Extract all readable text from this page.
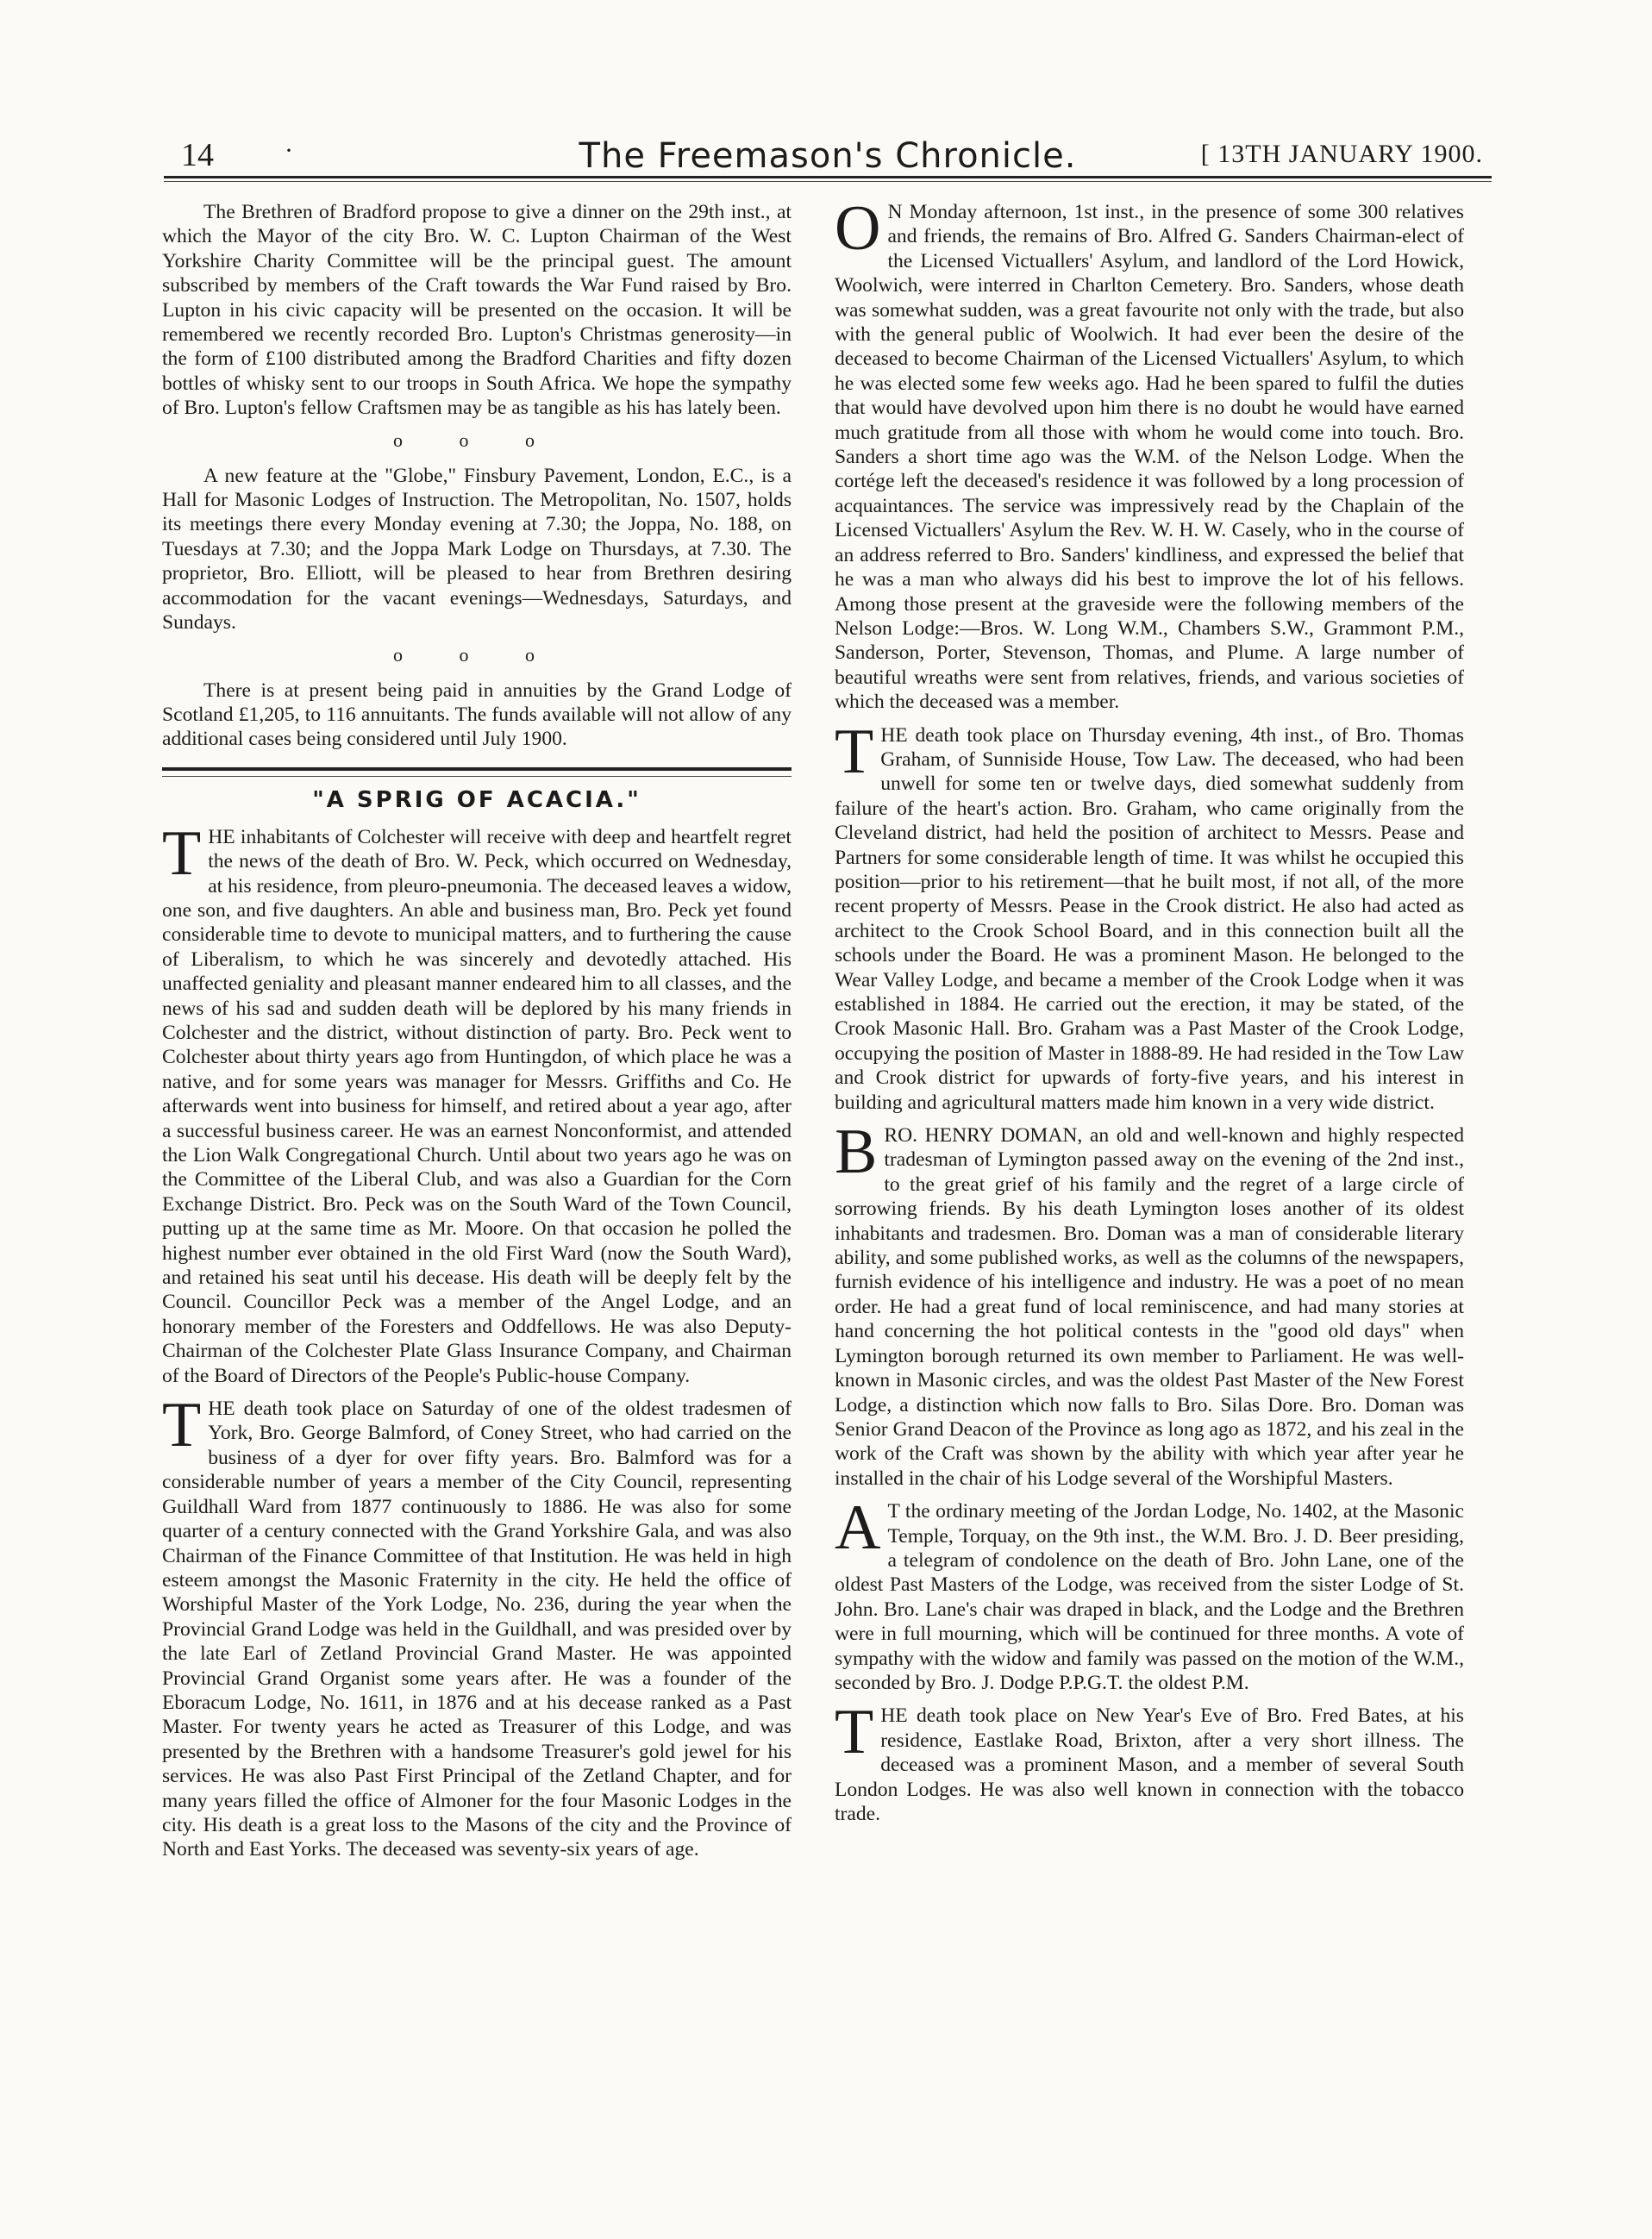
14	·	The Freemason's Chronicle.	[ 13TH JANUARY 1900.

The Brethren of Bradford propose to give a dinner on the 29th inst., at which the Mayor of the city Bro. W. C. Lupton Chairman of the West Yorkshire Charity Committee will be the principal guest. The amount subscribed by members of the Craft towards the War Fund raised by Bro. Lupton in his civic capacity will be presented on the occasion. It will be remembered we recently recorded Bro. Lupton's Christmas generosity—in the form of £100 distributed among the Bradford Charities and fifty dozen bottles of whisky sent to our troops in South Africa. We hope the sympathy of Bro. Lupton's fellow Craftsmen may be as tangible as his has lately been.

o o o

A new feature at the "Globe," Finsbury Pavement, London, E.C., is a Hall for Masonic Lodges of Instruction. The Metropolitan, No. 1507, holds its meetings there every Monday evening at 7.30; the Joppa, No. 188, on Tuesdays at 7.30; and the Joppa Mark Lodge on Thursdays, at 7.30. The proprietor, Bro. Elliott, will be pleased to hear from Brethren desiring accommodation for the vacant evenings—Wednesdays, Saturdays, and Sundays.

o o o

There is at present being paid in annuities by the Grand Lodge of Scotland £1,205, to 116 annuitants. The funds available will not allow of any additional cases being considered until July 1900.

"A SPRIG OF ACACIA."

THE inhabitants of Colchester will receive with deep and heartfelt regret the news of the death of Bro. W. Peck, which occurred on Wednesday, at his residence, from pleuro-pneumonia. The deceased leaves a widow, one son, and five daughters. An able and business man, Bro. Peck yet found considerable time to devote to municipal matters, and to furthering the cause of Liberalism, to which he was sincerely and devotedly attached. His unaffected geniality and pleasant manner endeared him to all classes, and the news of his sad and sudden death will be deplored by his many friends in Colchester and the district, without distinction of party. Bro. Peck went to Colchester about thirty years ago from Huntingdon, of which place he was a native, and for some years was manager for Messrs. Griffiths and Co. He afterwards went into business for himself, and retired about a year ago, after a successful business career. He was an earnest Nonconformist, and attended the Lion Walk Congregational Church. Until about two years ago he was on the Committee of the Liberal Club, and was also a Guardian for the Corn Exchange District. Bro. Peck was on the South Ward of the Town Council, putting up at the same time as Mr. Moore. On that occasion he polled the highest number ever obtained in the old First Ward (now the South Ward), and retained his seat until his decease. His death will be deeply felt by the Council. Councillor Peck was a member of the Angel Lodge, and an honorary member of the Foresters and Oddfellows. He was also Deputy-Chairman of the Colchester Plate Glass Insurance Company, and Chairman of the Board of Directors of the People's Public-house Company.

THE death took place on Saturday of one of the oldest tradesmen of York, Bro. George Balmford, of Coney Street, who had carried on the business of a dyer for over fifty years. Bro. Balmford was for a considerable number of years a member of the City Council, representing Guildhall Ward from 1877 continuously to 1886. He was also for some quarter of a century connected with the Grand Yorkshire Gala, and was also Chairman of the Finance Committee of that Institution. He was held in high esteem amongst the Masonic Fraternity in the city. He held the office of Worshipful Master of the York Lodge, No. 236, during the year when the Provincial Grand Lodge was held in the Guildhall, and was presided over by the late Earl of Zetland Provincial Grand Master. He was appointed Provincial Grand Organist some years after. He was a founder of the Eboracum Lodge, No. 1611, in 1876 and at his decease ranked as a Past Master. For twenty years he acted as Treasurer of this Lodge, and was presented by the Brethren with a handsome Treasurer's gold jewel for his services. He was also Past First Principal of the Zetland Chapter, and for many years filled the office of Almoner for the four Masonic Lodges in the city. His death is a great loss to the Masons of the city and the Province of North and East Yorks. The deceased was seventy-six years of age.

ON Monday afternoon, 1st inst., in the presence of some 300 relatives and friends, the remains of Bro. Alfred G. Sanders Chairman-elect of the Licensed Victuallers' Asylum, and landlord of the Lord Howick, Woolwich, were interred in Charlton Cemetery. Bro. Sanders, whose death was somewhat sudden, was a great favourite not only with the trade, but also with the general public of Woolwich. It had ever been the desire of the deceased to become Chairman of the Licensed Victuallers' Asylum, to which he was elected some few weeks ago. Had he been spared to fulfil the duties that would have devolved upon him there is no doubt he would have earned much gratitude from all those with whom he would come into touch. Bro. Sanders a short time ago was the W.M. of the Nelson Lodge. When the cortége left the deceased's residence it was followed by a long procession of acquaintances. The service was impressively read by the Chaplain of the Licensed Victuallers' Asylum the Rev. W. H. W. Casely, who in the course of an address referred to Bro. Sanders' kindliness, and expressed the belief that he was a man who always did his best to improve the lot of his fellows. Among those present at the graveside were the following members of the Nelson Lodge:—Bros. W. Long W.M., Chambers S.W., Grammont P.M., Sanderson, Porter, Stevenson, Thomas, and Plume. A large number of beautiful wreaths were sent from relatives, friends, and various societies of which the deceased was a member.

THE death took place on Thursday evening, 4th inst., of Bro. Thomas Graham, of Sunniside House, Tow Law. The deceased, who had been unwell for some ten or twelve days, died somewhat suddenly from failure of the heart's action. Bro. Graham, who came originally from the Cleveland district, had held the position of architect to Messrs. Pease and Partners for some considerable length of time. It was whilst he occupied this position—prior to his retirement—that he built most, if not all, of the more recent property of Messrs. Pease in the Crook district. He also had acted as architect to the Crook School Board, and in this connection built all the schools under the Board. He was a prominent Mason. He belonged to the Wear Valley Lodge, and became a member of the Crook Lodge when it was established in 1884. He carried out the erection, it may be stated, of the Crook Masonic Hall. Bro. Graham was a Past Master of the Crook Lodge, occupying the position of Master in 1888-89. He had resided in the Tow Law and Crook district for upwards of forty-five years, and his interest in building and agricultural matters made him known in a very wide district.

BRO. HENRY DOMAN, an old and well-known and highly respected tradesman of Lymington passed away on the evening of the 2nd inst., to the great grief of his family and the regret of a large circle of sorrowing friends. By his death Lymington loses another of its oldest inhabitants and tradesmen. Bro. Doman was a man of considerable literary ability, and some published works, as well as the columns of the newspapers, furnish evidence of his intelligence and industry. He was a poet of no mean order. He had a great fund of local reminiscence, and had many stories at hand concerning the hot political contests in the "good old days" when Lymington borough returned its own member to Parliament. He was well-known in Masonic circles, and was the oldest Past Master of the New Forest Lodge, a distinction which now falls to Bro. Silas Dore. Bro. Doman was Senior Grand Deacon of the Province as long ago as 1872, and his zeal in the work of the Craft was shown by the ability with which year after year he installed in the chair of his Lodge several of the Worshipful Masters.

AT the ordinary meeting of the Jordan Lodge, No. 1402, at the Masonic Temple, Torquay, on the 9th inst., the W.M. Bro. J. D. Beer presiding, a telegram of condolence on the death of Bro. John Lane, one of the oldest Past Masters of the Lodge, was received from the sister Lodge of St. John. Bro. Lane's chair was draped in black, and the Lodge and the Brethren were in full mourning, which will be continued for three months. A vote of sympathy with the widow and family was passed on the motion of the W.M., seconded by Bro. J. Dodge P.P.G.T. the oldest P.M.

THE death took place on New Year's Eve of Bro. Fred Bates, at his residence, Eastlake Road, Brixton, after a very short illness. The deceased was a prominent Mason, and a member of several South London Lodges. He was also well known in connection with the tobacco trade.
